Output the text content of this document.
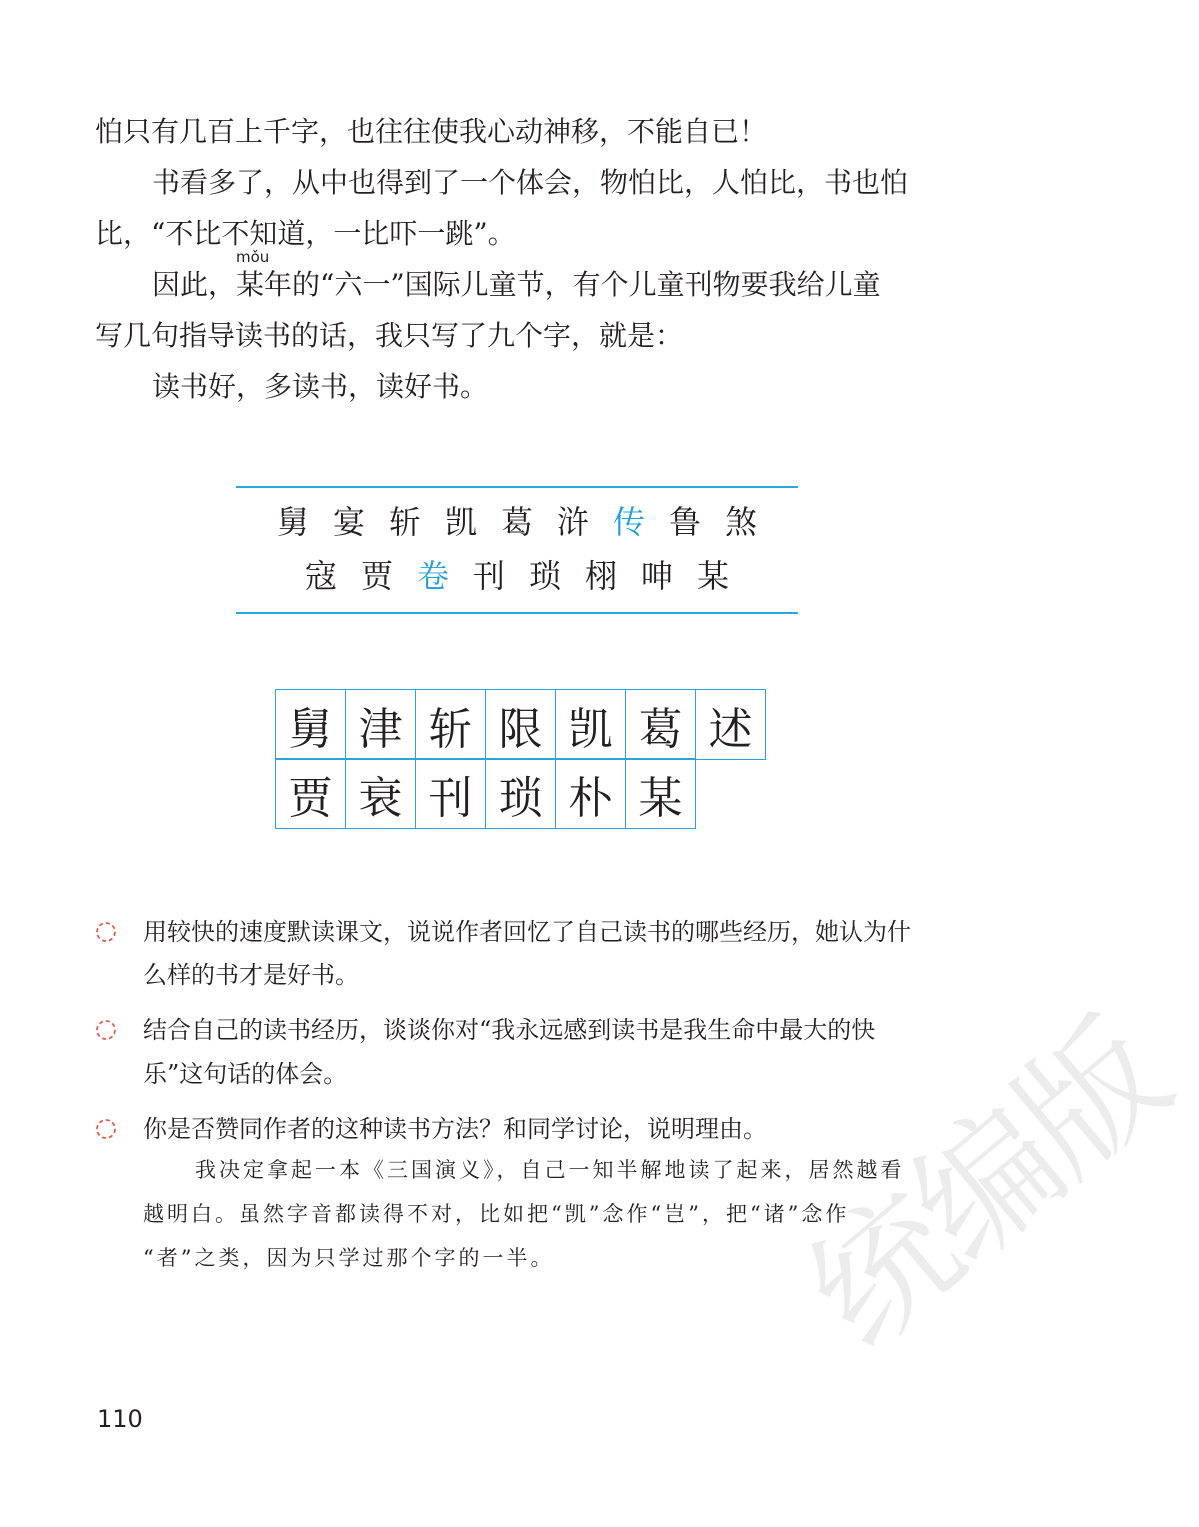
怕只有几百上千字，也往往使我心动神移，不能自已！
书看多了，从中也得到了一个体会，物怕比，人怕比，书也怕
比，“不比不知道，一比吓一跳”。
mǒu
因此，某年的“六一”国际儿童节，有个儿童刊物要我给儿童
写几句指导读书的话，我只写了九个字，就是：
读书好，多读书，读好书。
舅 宴 斩 凯 葛 浒 传 鲁 煞
寇 贾 卷 刊 琐 栩 呻 某
舅 津 斩 限 凯 葛 述
贾 衰 刊 琐 朴 某
用较快的速度默读课文，说说作者回忆了自己读书的哪些经历，她认为什
么样的书才是好书。
结合自己的读书经历，谈谈你对“我永远感到读书是我生命中最大的快
乐”这句话的体会。
你是否赞同作者的这种读书方法？和同学讨论，说明理由。
我决定拿起一本《三国演义》，自己一知半解地读了起来，居然越看
越明白。虽然字音都读得不对，比如把“凯”念作“岂”，把“诸”念作
“者”之类，因为只学过那个字的一半。 统编版
110
